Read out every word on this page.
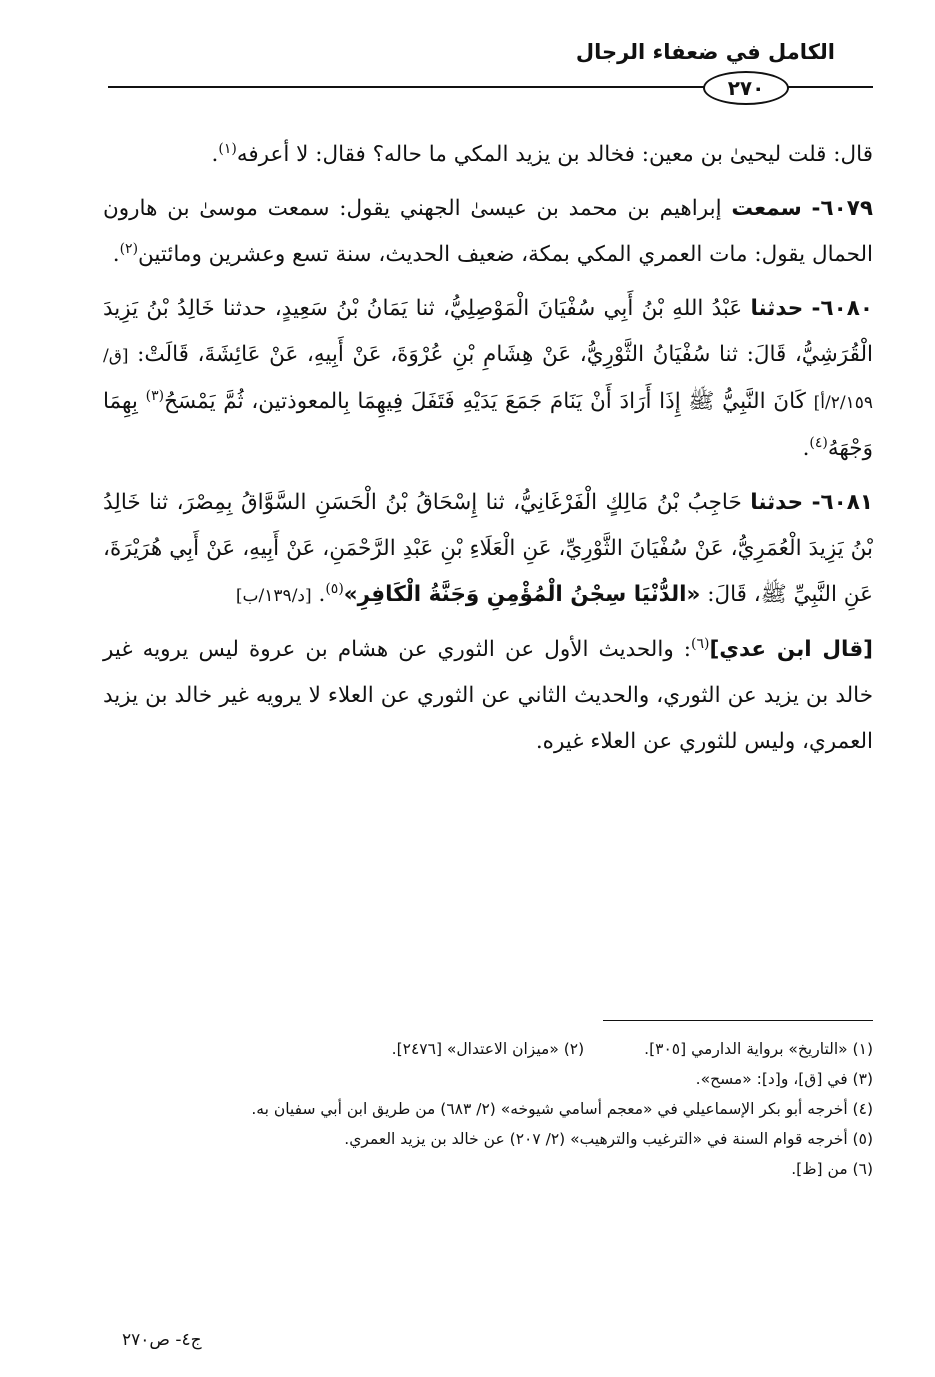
الكامل في ضعفاء الرجال
٢٧٠

قال: قلت ليحيىٰ بن معين: فخالد بن يزيد المكي ما حاله؟ فقال: لا أعرفه$^{(١)}$.

٦٠٧٩- سمعت إبراهيم بن محمد بن عيسىٰ الجهني يقول: سمعت موسىٰ بن هارون الحمال يقول: مات العمري المكي بمكة، ضعيف الحديث، سنة تسع وعشرين ومائتين$^{(٢)}$.

٦٠٨٠- حدثنا عَبْدُ اللهِ بْنُ أَبِي سُفْيَانَ الْمَوْصِلِيُّ، ثنا يَمَانُ بْنُ سَعِيدٍ، حدثنا خَالِدُ بْنُ يَزِيدَ الْقُرَشِيُّ، قَالَ: ثنا سُفْيَانُ الثَّوْرِيُّ، عَنْ هِشَامِ بْنِ عُرْوَةَ، عَنْ أَبِيهِ، عَنْ عَائِشَةَ، قَالَتْ: [ق/٢/١٥٩/أ] كَانَ النَّبِيُّ ﷺ إِذَا أَرَادَ أَنْ يَنَامَ جَمَعَ يَدَيْهِ فَتَفَلَ فِيهِمَا بِالمعوذتين، ثُمَّ يَمْسَحُ$^{(٣)}$ بِهِمَا وَجْهَهُ$^{(٤)}$.

٦٠٨١- حدثنا حَاجِبُ بْنُ مَالِكٍ الْفَرْغَانِيُّ، ثنا إِسْحَاقُ بْنُ الْحَسَنِ السَّوَّاقُ بِمِصْرَ، ثنا خَالِدُ بْنُ يَزِيدَ الْعُمَرِيُّ، عَنْ سُفْيَانَ الثَّوْرِيِّ، عَنِ الْعَلَاءِ بْنِ عَبْدِ الرَّحْمَنِ، عَنْ أَبِيهِ، عَنْ أَبِي هُرَيْرَةَ، عَنِ النَّبِيِّ ﷺ، قَالَ: «الدُّنْيَا سِجْنُ الْمُؤْمِنِ وَجَنَّةُ الْكَافِرِ»$^{(٥)}$. [د/١٣٩/ب]

[قال ابن عدي]$^{(٦)}$: والحديث الأول عن الثوري عن هشام بن عروة ليس يرويه غير خالد بن يزيد عن الثوري، والحديث الثاني عن الثوري عن العلاء لا يرويه غير خالد بن يزيد العمري، وليس للثوري عن العلاء غيره.

(١) «التاريخ» برواية الدارمي [٣٠٥].
(٢) «ميزان الاعتدال» [٢٤٧٦].
(٣) في [ق]، و[د]: «مسح».
(٤) أخرجه أبو بكر الإسماعيلي في «معجم أسامي شيوخه» (٢/ ٦٨٣) من طريق ابن أبي سفيان به.
(٥) أخرجه قوام السنة في «الترغيب والترهيب» (٢/ ٢٠٧) عن خالد بن يزيد العمري.
(٦) من [ظ].
ج٤- ص٢٧٠
